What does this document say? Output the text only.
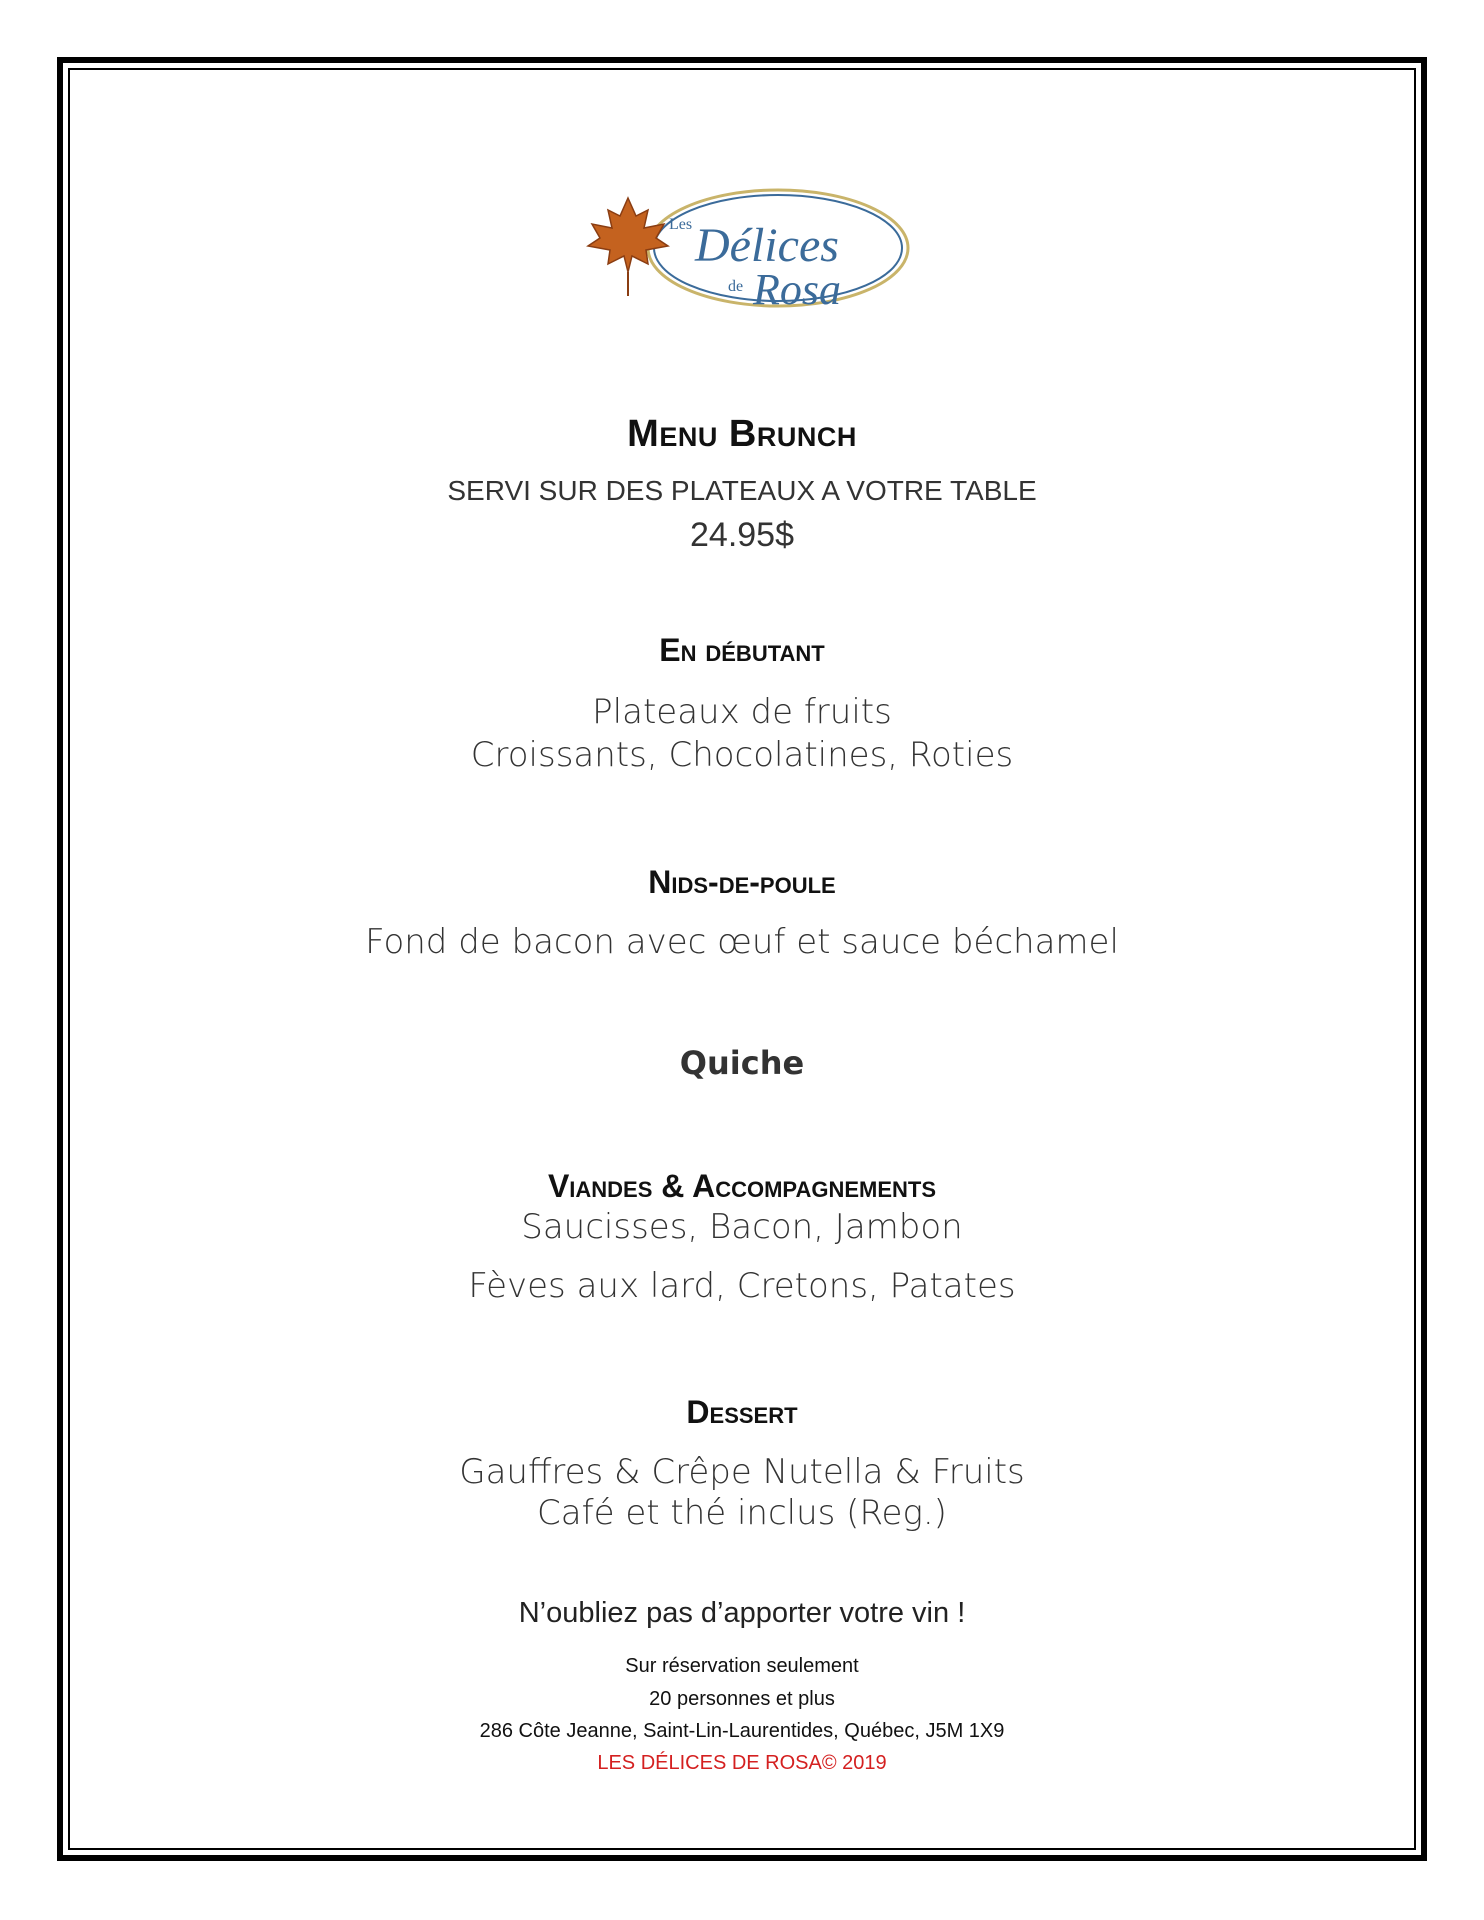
Les Délices
de Rosa
Menu Brunch
SERVI SUR DES PLATEAUX A VOTRE TABLE
24.95$
En débutant
Plateaux de fruits
Croissants, Chocolatines, Roties
Nids-de-poule
Fond de bacon avec œuf et sauce béchamel
Quiche
Viandes & Accompagnements
Saucisses, Bacon, Jambon
Fèves aux lard, Cretons, Patates
Dessert
Gauffres & Crêpe Nutella & Fruits
Café et thé inclus (Reg.)
N’oubliez pas d’apporter votre vin !
Sur réservation seulement
20 personnes et plus
286 Côte Jeanne, Saint-Lin-Laurentides, Québec, J5M 1X9
LES DÉLICES DE ROSA© 2019
